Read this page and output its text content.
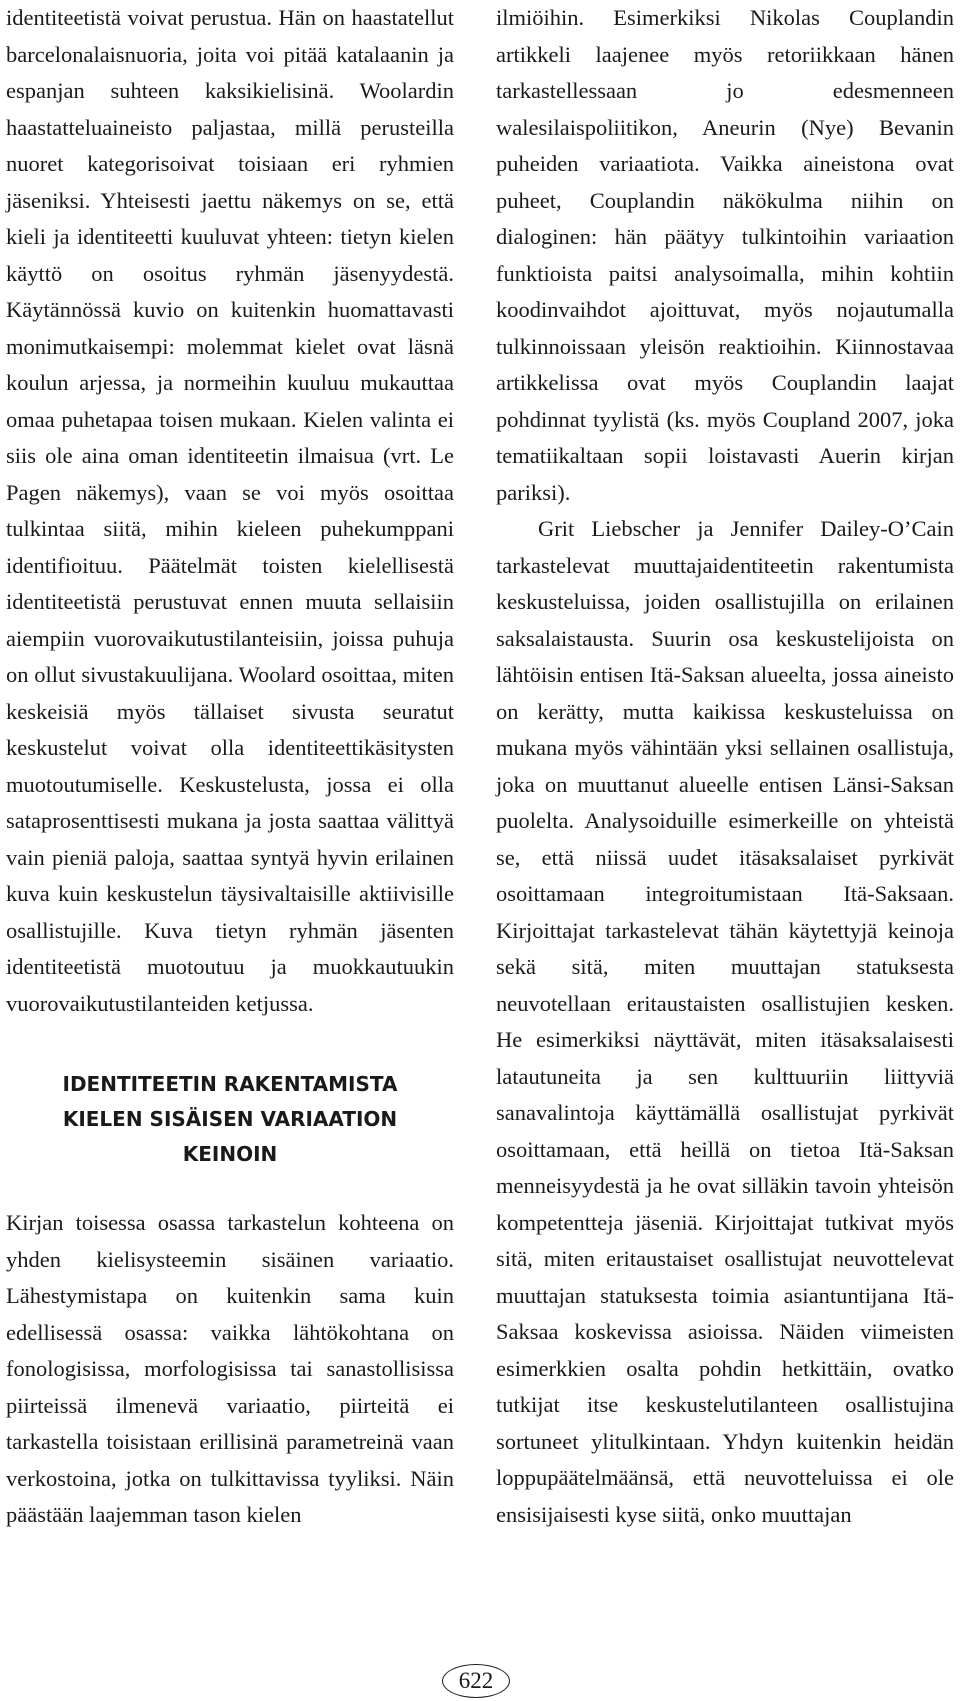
identiteetistä voivat perustua. Hän on haastatellut barcelonalaisnuoria, joita voi pitää katalaanin ja espanjan suhteen kaksikielisinä. Woolardin haastatteluaineisto paljastaa, millä perusteilla nuoret kategorisoivat toisiaan eri ryhmien jäseniksi. Yhteisesti jaettu näkemys on se, että kieli ja identiteetti kuuluvat yhteen: tietyn kielen käyttö on osoitus ryhmän jäsenyydestä. Käytännössä kuvio on kuitenkin huomattavasti monimutkaisempi: molemmat kielet ovat läsnä koulun arjessa, ja normeihin kuuluu mukauttaa omaa puhetapaa toisen mukaan. Kielen valinta ei siis ole aina oman identiteetin ilmaisua (vrt. Le Pagen näkemys), vaan se voi myös osoittaa tulkintaa siitä, mihin kieleen puhekumppani identifioituu. Päätelmät toisten kielellisestä identiteetistä perustuvat ennen muuta sellaisiin aiempiin vuorovaikutustilanteisiin, joissa puhuja on ollut sivustakuulijana. Woolard osoittaa, miten keskeisiä myös tällaiset sivusta seuratut keskustelut voivat olla identiteettikäsitysten muotoutumiselle. Keskustelusta, jossa ei olla sataprosenttisesti mukana ja josta saattaa välittyä vain pieniä paloja, saattaa syntyä hyvin erilainen kuva kuin keskustelun täysivaltaisille aktiivisille osallistujille. Kuva tietyn ryhmän jäsenten identiteetistä muotoutuu ja muokkautuukin vuorovaikutustilanteiden ketjussa.

IDENTITEETIN RAKENTAMISTA
KIELEN SISÄISEN VARIAATION
KEINOIN

Kirjan toisessa osassa tarkastelun kohteena on yhden kielisysteemin sisäinen variaatio. Lähestymistapa on kuitenkin sama kuin edellisessä osassa: vaikka lähtökohtana on fonologisissa, morfologisissa tai sanastollisissa piirteissä ilmenevä variaatio, piirteitä ei tarkastella toisistaan erillisinä parametreinä vaan verkostoina, jotka on tulkittavissa tyyliksi. Näin päästään laajemman tason kielen

ilmiöihin. Esimerkiksi Nikolas Couplandin artikkeli laajenee myös retoriikkaan hänen tarkastellessaan jo edesmenneen walesilaispoliitikon, Aneurin (Nye) Bevanin puheiden variaatiota. Vaikka aineistona ovat puheet, Couplandin näkökulma niihin on dialoginen: hän päätyy tulkintoihin variaation funktioista paitsi analysoimalla, mihin kohtiin koodinvaihdot ajoittuvat, myös nojautumalla tulkinnoissaan yleisön reaktioihin. Kiinnostavaa artikkelissa ovat myös Couplandin laajat pohdinnat tyylistä (ks. myös Coupland 2007, joka tematiikaltaan sopii loistavasti Auerin kirjan pariksi).

Grit Liebscher ja Jennifer Dailey-O’Cain tarkastelevat muuttajaidentiteetin rakentumista keskusteluissa, joiden osallistujilla on erilainen saksalaistausta. Suurin osa keskustelijoista on lähtöisin entisen Itä-Saksan alueelta, jossa aineisto on kerätty, mutta kaikissa keskusteluissa on mukana myös vähintään yksi sellainen osallistuja, joka on muuttanut alueelle entisen Länsi-Saksan puolelta. Analysoiduille esimerkeille on yhteistä se, että niissä uudet itäsaksalaiset pyrkivät osoittamaan integroitumistaan Itä-Saksaan. Kirjoittajat tarkastelevat tähän käytettyjä keinoja sekä sitä, miten muuttajan statuksesta neuvotellaan eritaustaisten osallistujien kesken. He esimerkiksi näyttävät, miten itäsaksalaisesti latautuneita ja sen kulttuuriin liittyviä sanavalintoja käyttämällä osallistujat pyrkivät osoittamaan, että heillä on tietoa Itä-Saksan menneisyydestä ja he ovat silläkin tavoin yhteisön kompetentteja jäseniä. Kirjoittajat tutkivat myös sitä, miten eritaustaiset osallistujat neuvottelevat muuttajan statuksesta toimia asiantuntijana Itä-Saksaa koskevissa asioissa. Näiden viimeisten esimerkkien osalta pohdin hetkittäin, ovatko tutkijat itse keskustelutilanteen osallistujina sortuneet ylitulkintaan. Yhdyn kuitenkin heidän loppupäätelmäänsä, että neuvotteluissa ei ole ensisijaisesti kyse siitä, onko muuttajan

622
